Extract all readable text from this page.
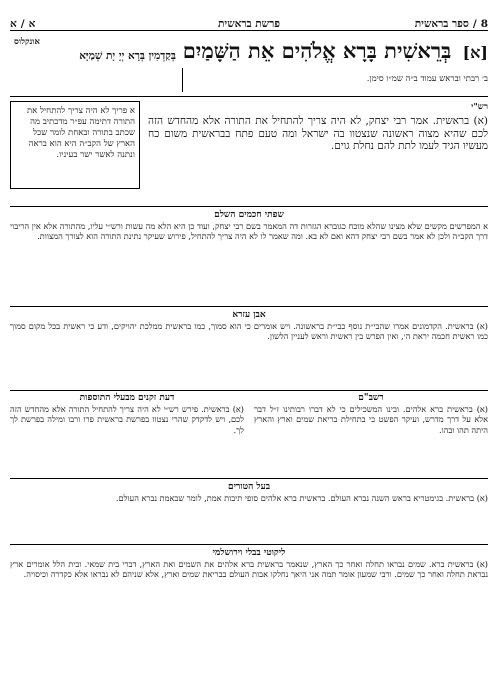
8
/
ספר בראשית
פרשת בראשית
א
/
א
[א] בְּרֵאשִׁית בָּרָא אֱלֹהִים אֵת הַשָּׁמַיִם
ב׳ רבתי ובראש עמוד ב״ה שמ״ו סימן.
אונקלוס
בְּקַדְמִין בְּרָא יְיָ יָת שְׁמַיָּא
רש"י
(א) בראשית. אמר רבי יצחק, לא היה צריך להתחיל את התורה אלא מהחדש הזה לכם שהיא מצוה ראשונה שנצטוו בה ישראל ומה טעם פתח בבראשית משום כח מעשיו הגיד לעמו לתת להם נחלת גוים.
א פריך לא היה צריך להתחיל את התורה דתימה עפ״ר מדכתיב מה שכתב בתורה ובאחת לומר שכל הארץ של הקב״ה היא הוא בראה ונתנה לאשר ישר בעיניו.
שפתי חכמים השלם
א המפרשים מקשים שלא מצינו שהלא מוכח כגוברא הגזרות דה המאמר בשם רבי יצחק, ועוד כן היא הלא מה עשות ורש״י עליו, מהתורה אלא אין הריבוי דרך הקב״ה ולכן לא אמר בשם רבי יצחק דהא ואם לא בא. ומה שאמר לו לא היה צריך להתחיל, פירוש שעיקר נתינת התורה הוא לצורך המצוות.
אבן עזרא
(א) בראשית. הקדמונים אמרו שהבי״ת נוסף כבי״ת בראשונה. ויש אומרים כי הוא סמוך, כמו בראשית ממלכת יהויקים, ודע כי ראשית בכל מקום סמוך כמו ראשית חכמה יראת ה׳, ואין הפרש בין ראשית וראש לעניין הלשון.
רשב"ם
(א) בראשית ברא אלהים. ובינו המשכילים כי לא דברו רבותינו ז״ל דבר אלא על דרך מדרש, ועיקר הפשט כי בתחילת בריאת שמים וארץ והארץ היתה תהו ובהו.
דעת זקנים מבעלי התוספות
(א) בראשית. פירש רש״י לא היה צריך להתחיל התורה אלא מהחדש הזה לכם, ויש לדקדק שהרי נצטוו בפרשת בראשית פרו ורבו ומילה בפרשת לך לך.
בעל הטורים
(א) בראשית. בגימטריא בראש השנה נברא העולם. בראשית ברא אלהים סופי תיבות אמת, לומר שבאמת נברא העולם.
ליקוטי בבלי וירושלמי
(א) בראשית ברא. שמים נבראו תחלה ואחר כך הארץ, שנאמר בראשית ברא אלהים את השמים ואת הארץ, דברי בית שמאי. ובית הלל אומרים ארץ נבראת תחלה ואחר כך שמים. ורבי שמעון אומר תמה אני היאך נחלקו אבות העולם בבריאת שמים וארץ, אלא שניהם לא נבראו אלא כקדרה וכיסויה.
